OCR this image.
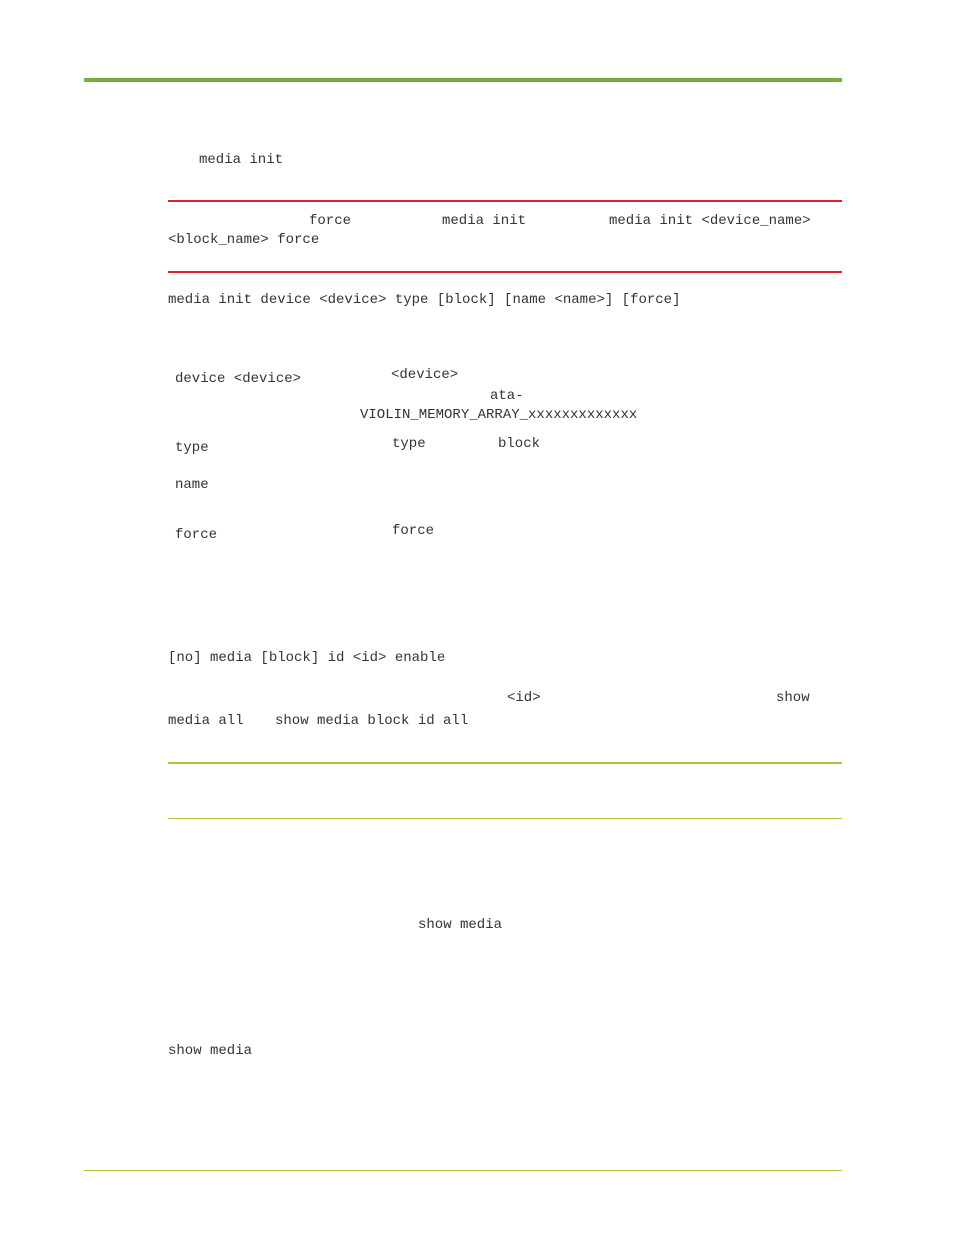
media init
force	media init	media init <device_name>
<block_name> force
media init device <device> type [block] [name <name>] [force]
device <device>	<device>
ata-
VIOLIN_MEMORY_ARRAY_xxxxxxxxxxxxx
type	type	block
name
force	force
[no] media [block] id <id> enable
<id>	show
media all show media block id all
show media
show media
